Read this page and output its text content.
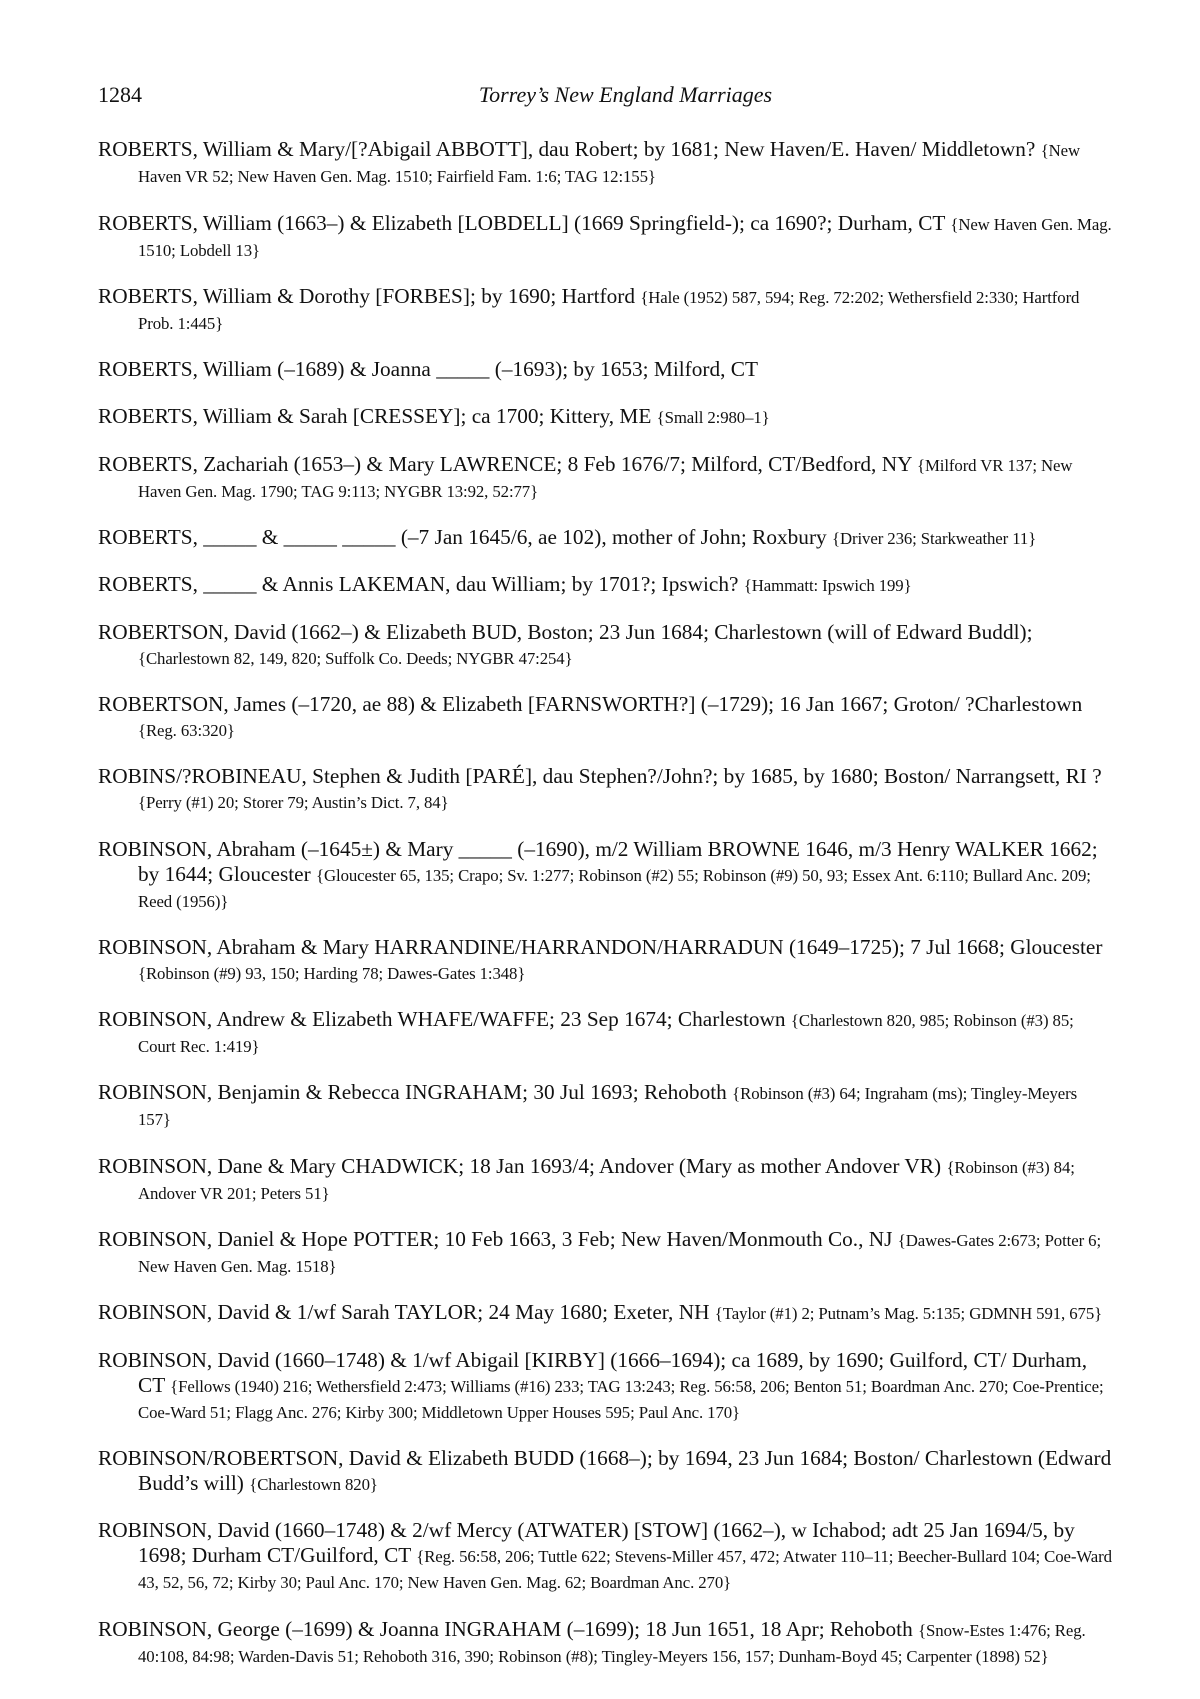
1284	Torrey’s New England Marriages

ROBERTS, William & Mary/[?Abigail ABBOTT], dau Robert; by 1681; New Haven/E. Haven/ Middletown? {New Haven VR 52; New Haven Gen. Mag. 1510; Fairfield Fam. 1:6; TAG 12:155}

ROBERTS, William (1663–) & Elizabeth [LOBDELL] (1669 Springfield-); ca 1690?; Durham, CT {New Haven Gen. Mag. 1510; Lobdell 13}

ROBERTS, William & Dorothy [FORBES]; by 1690; Hartford {Hale (1952) 587, 594; Reg. 72:202; Wethersfield 2:330; Hartford Prob. 1:445}

ROBERTS, William (–1689) & Joanna _____ (–1693); by 1653; Milford, CT

ROBERTS, William & Sarah [CRESSEY]; ca 1700; Kittery, ME {Small 2:980–1}

ROBERTS, Zachariah (1653–) & Mary LAWRENCE; 8 Feb 1676/7; Milford, CT/Bedford, NY {Milford VR 137; New Haven Gen. Mag. 1790; TAG 9:113; NYGBR 13:92, 52:77}

ROBERTS, _____ & _____ _____ (–7 Jan 1645/6, ae 102), mother of John; Roxbury {Driver 236; Starkweather 11}

ROBERTS, _____ & Annis LAKEMAN, dau William; by 1701?; Ipswich? {Hammatt: Ipswich 199}

ROBERTSON, David (1662–) & Elizabeth BUD, Boston; 23 Jun 1684; Charlestown (will of Edward Buddl); {Charlestown 82, 149, 820; Suffolk Co. Deeds; NYGBR 47:254}

ROBERTSON, James (–1720, ae 88) & Elizabeth [FARNSWORTH?] (–1729); 16 Jan 1667; Groton/ ?Charlestown {Reg. 63:320}

ROBINS/?ROBINEAU, Stephen & Judith [PARÉ], dau Stephen?/John?; by 1685, by 1680; Boston/ Narrangsett, RI ? {Perry (#1) 20; Storer 79; Austin’s Dict. 7, 84}

ROBINSON, Abraham (–1645±) & Mary _____ (–1690), m/2 William BROWNE 1646, m/3 Henry WALKER 1662; by 1644; Gloucester {Gloucester 65, 135; Crapo; Sv. 1:277; Robinson (#2) 55; Robinson (#9) 50, 93; Essex Ant. 6:110; Bullard Anc. 209; Reed (1956)}

ROBINSON, Abraham & Mary HARRANDINE/HARRANDON/HARRADUN (1649–1725); 7 Jul 1668; Gloucester {Robinson (#9) 93, 150; Harding 78; Dawes-Gates 1:348}

ROBINSON, Andrew & Elizabeth WHAFE/WAFFE; 23 Sep 1674; Charlestown {Charlestown 820, 985; Robinson (#3) 85; Court Rec. 1:419}

ROBINSON, Benjamin & Rebecca INGRAHAM; 30 Jul 1693; Rehoboth {Robinson (#3) 64; Ingraham (ms); Tingley-Meyers 157}

ROBINSON, Dane & Mary CHADWICK; 18 Jan 1693/4; Andover (Mary as mother Andover VR) {Robinson (#3) 84; Andover VR 201; Peters 51}

ROBINSON, Daniel & Hope POTTER; 10 Feb 1663, 3 Feb; New Haven/Monmouth Co., NJ {Dawes-Gates 2:673; Potter 6; New Haven Gen. Mag. 1518}

ROBINSON, David & 1/wf Sarah TAYLOR; 24 May 1680; Exeter, NH {Taylor (#1) 2; Putnam’s Mag. 5:135; GDMNH 591, 675}

ROBINSON, David (1660–1748) & 1/wf Abigail [KIRBY] (1666–1694); ca 1689, by 1690; Guilford, CT/ Durham, CT {Fellows (1940) 216; Wethersfield 2:473; Williams (#16) 233; TAG 13:243; Reg. 56:58, 206; Benton 51; Boardman Anc. 270; Coe-Prentice; Coe-Ward 51; Flagg Anc. 276; Kirby 300; Middletown Upper Houses 595; Paul Anc. 170}

ROBINSON/ROBERTSON, David & Elizabeth BUDD (1668–); by 1694, 23 Jun 1684; Boston/ Charlestown (Edward Budd’s will) {Charlestown 820}

ROBINSON, David (1660–1748) & 2/wf Mercy (ATWATER) [STOW] (1662–), w Ichabod; adt 25 Jan 1694/5, by 1698; Durham CT/Guilford, CT {Reg. 56:58, 206; Tuttle 622; Stevens-Miller 457, 472; Atwater 110–11; Beecher-Bullard 104; Coe-Ward 43, 52, 56, 72; Kirby 30; Paul Anc. 170; New Haven Gen. Mag. 62; Boardman Anc. 270}

ROBINSON, George (–1699) & Joanna INGRAHAM (–1699); 18 Jun 1651, 18 Apr; Rehoboth {Snow-Estes 1:476; Reg. 40:108, 84:98; Warden-Davis 51; Rehoboth 316, 390; Robinson (#8); Tingley-Meyers 156, 157; Dunham-Boyd 45; Carpenter (1898) 52}
